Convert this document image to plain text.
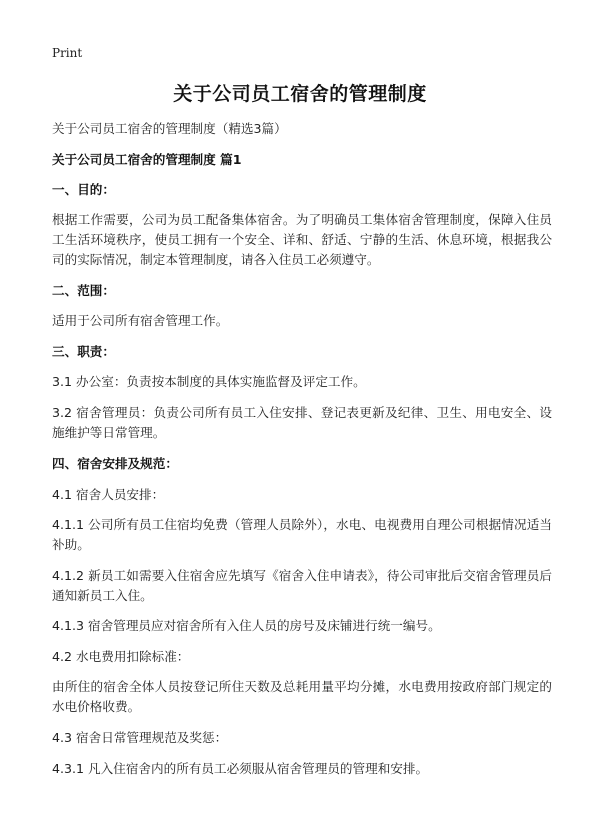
Print
关于公司员工宿舍的管理制度
关于公司员工宿舍的管理制度（精选3篇）
关于公司员工宿舍的管理制度 篇1
一、目的：
根据工作需要，公司为员工配备集体宿舍。为了明确员工集体宿舍管理制度，保障入住员工生活环境秩序，使员工拥有一个安全、详和、舒适、宁静的生活、休息环境，根据我公司的实际情况，制定本管理制度，请各入住员工必须遵守。
二、范围：
适用于公司所有宿舍管理工作。
三、职责：
3.1 办公室：负责按本制度的具体实施监督及评定工作。
3.2 宿舍管理员：负责公司所有员工入住安排、登记表更新及纪律、卫生、用电安全、设施维护等日常管理。
四、宿舍安排及规范：
4.1 宿舍人员安排：
4.1.1 公司所有员工住宿均免费（管理人员除外），水电、电视费用自理公司根据情况适当补助。
4.1.2 新员工如需要入住宿舍应先填写《宿舍入住申请表》，待公司审批后交宿舍管理员后通知新员工入住。
4.1.3 宿舍管理员应对宿舍所有入住人员的房号及床铺进行统一编号。
4.2 水电费用扣除标准：
由所住的宿舍全体人员按登记所住天数及总耗用量平均分摊，水电费用按政府部门规定的水电价格收费。
4.3 宿舍日常管理规范及奖惩：
4.3.1 凡入住宿舍内的所有员工必须服从宿舍管理员的管理和安排。
